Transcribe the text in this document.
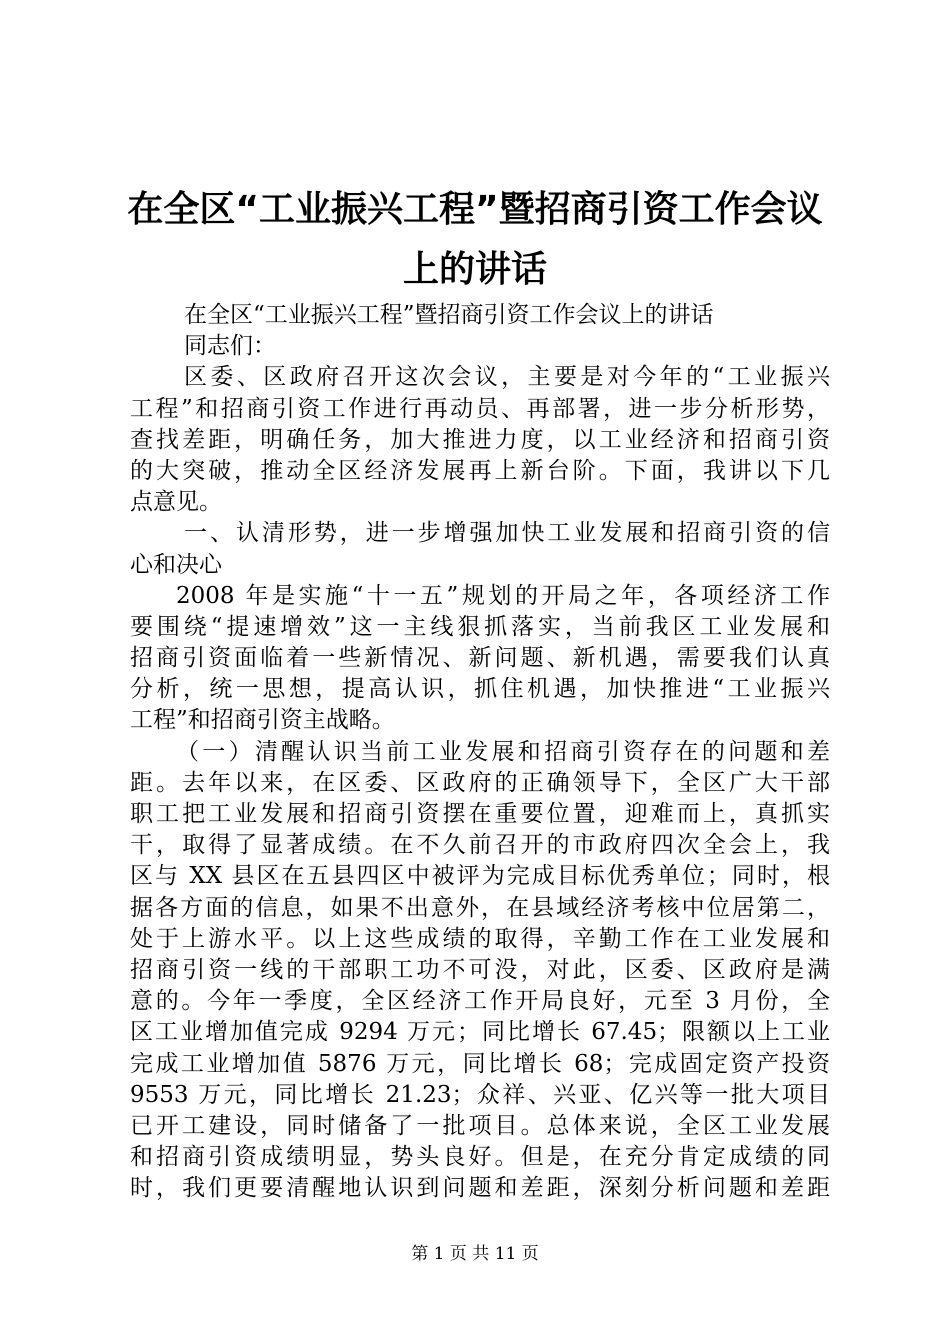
在全区“工业振兴工程”暨招商引资工作会议
上的讲话
在全区“工业振兴工程”暨招商引资工作会议上的讲话
同志们：
区委、区政府召开这次会议，主要是对今年的“工业振兴
工程”和招商引资工作进行再动员、再部署，进一步分析形势，
查找差距，明确任务，加大推进力度，以工业经济和招商引资
的大突破，推动全区经济发展再上新台阶。下面，我讲以下几
点意见。
一、认清形势，进一步增强加快工业发展和招商引资的信
心和决心
2008 年是实施“十一五”规划的开局之年，各项经济工作
要围绕“提速增效”这一主线狠抓落实，当前我区工业发展和
招商引资面临着一些新情况、新问题、新机遇，需要我们认真
分析，统一思想，提高认识，抓住机遇，加快推进“工业振兴
工程”和招商引资主战略。
（一）清醒认识当前工业发展和招商引资存在的问题和差
距。去年以来，在区委、区政府的正确领导下，全区广大干部
职工把工业发展和招商引资摆在重要位置，迎难而上，真抓实
干，取得了显著成绩。在不久前召开的市政府四次全会上，我
区与 XX 县区在五县四区中被评为完成目标优秀单位；同时，根
据各方面的信息，如果不出意外，在县域经济考核中位居第二，
处于上游水平。以上这些成绩的取得，辛勤工作在工业发展和
招商引资一线的干部职工功不可没，对此，区委、区政府是满
意的。今年一季度，全区经济工作开局良好，元至 3 月份，全
区工业增加值完成 9294 万元；同比增长 67.45；限额以上工业
完成工业增加值 5876 万元，同比增长 68；完成固定资产投资
9553 万元，同比增长 21.23；众祥、兴亚、亿兴等一批大项目
已开工建设，同时储备了一批项目。总体来说，全区工业发展
和招商引资成绩明显，势头良好。但是，在充分肯定成绩的同
时，我们更要清醒地认识到问题和差距，深刻分析问题和差距
第 1 页 共 11 页
